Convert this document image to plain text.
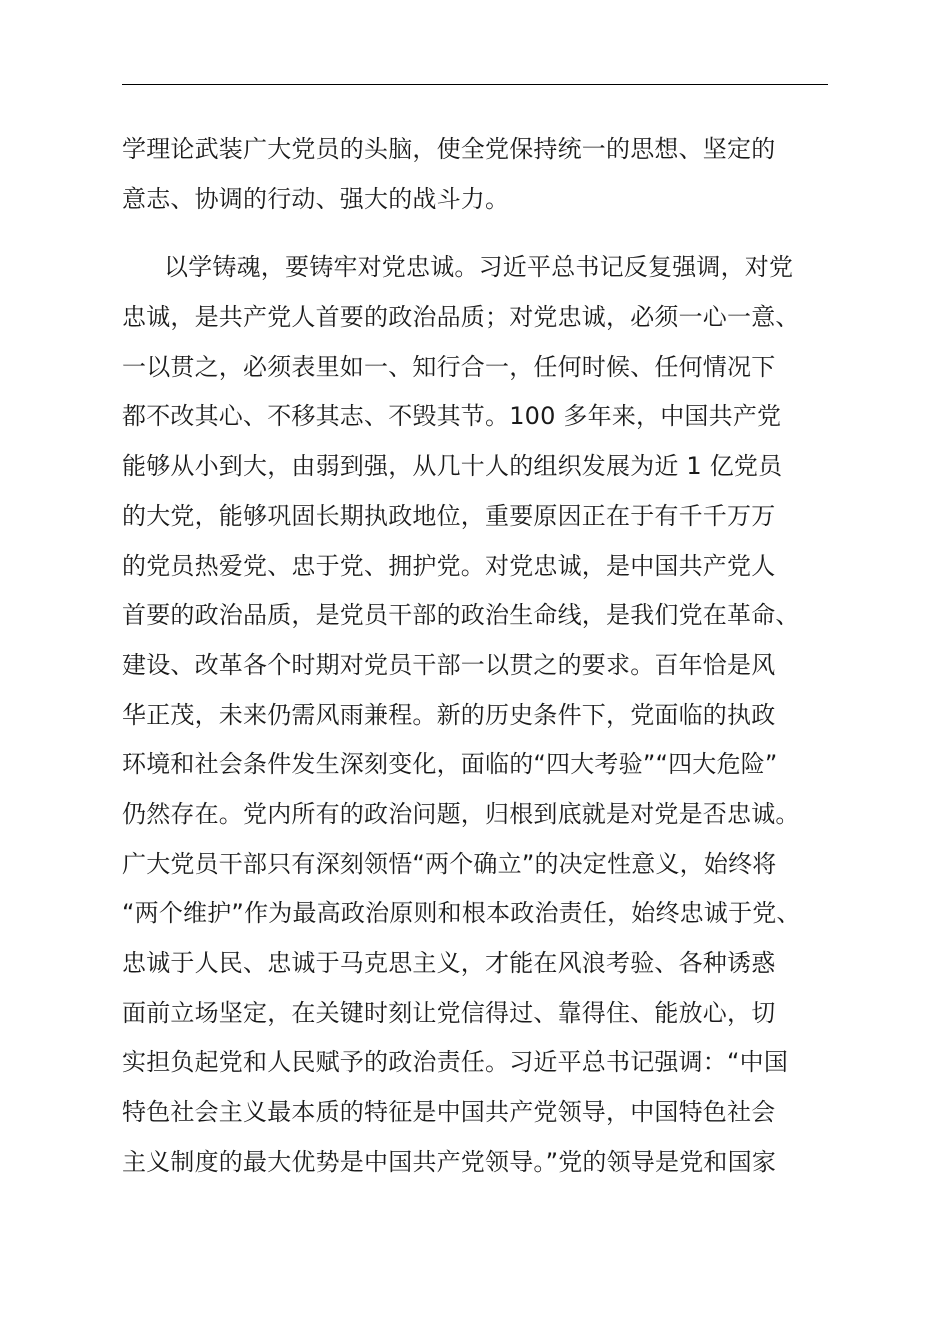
学理论武装广大党员的头脑，使全党保持统一的思想、坚定的
意志、协调的行动、强大的战斗力。
以学铸魂，要铸牢对党忠诚。习近平总书记反复强调，对党
忠诚，是共产党人首要的政治品质；对党忠诚，必须一心一意、
一以贯之，必须表里如一、知行合一，任何时候、任何情况下
都不改其心、不移其志、不毁其节。100 多年来，中国共产党
能够从小到大，由弱到强，从几十人的组织发展为近 1 亿党员
的大党，能够巩固长期执政地位，重要原因正在于有千千万万
的党员热爱党、忠于党、拥护党。对党忠诚，是中国共产党人
首要的政治品质，是党员干部的政治生命线，是我们党在革命、
建设、改革各个时期对党员干部一以贯之的要求。百年恰是风
华正茂，未来仍需风雨兼程。新的历史条件下，党面临的执政
环境和社会条件发生深刻变化，面临的“四大考验”“四大危险”
仍然存在。党内所有的政治问题，归根到底就是对党是否忠诚。
广大党员干部只有深刻领悟“两个确立”的决定性意义，始终将
“两个维护”作为最高政治原则和根本政治责任，始终忠诚于党、
忠诚于人民、忠诚于马克思主义，才能在风浪考验、各种诱惑
面前立场坚定，在关键时刻让党信得过、靠得住、能放心，切
实担负起党和人民赋予的政治责任。习近平总书记强调：“中国
特色社会主义最本质的特征是中国共产党领导，中国特色社会
主义制度的最大优势是中国共产党领导。”党的领导是党和国家
